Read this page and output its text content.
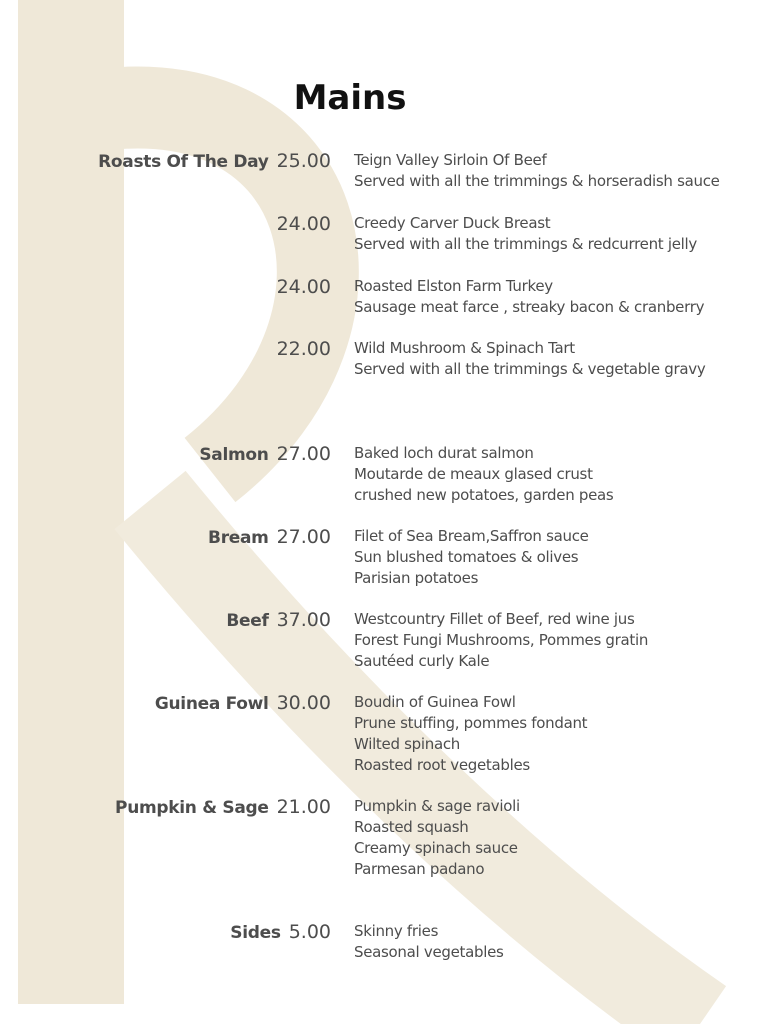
Mains
Roasts Of The Day 25.00 Teign Valley Sirloin Of Beef
Served with all the trimmings & horseradish sauce
24.00 Creedy Carver Duck Breast
Served with all the trimmings & redcurrent jelly
24.00 Roasted Elston Farm Turkey
Sausage meat farce , streaky bacon & cranberry
22.00 Wild Mushroom & Spinach Tart
Served with all the trimmings & vegetable gravy
Salmon 27.00 Baked loch durat salmon
Moutarde de meaux glased crust
crushed new potatoes, garden peas
Bream 27.00 Filet of Sea Bream,Saffron sauce
Sun blushed tomatoes & olives
Parisian potatoes
Beef 37.00 Westcountry Fillet of Beef, red wine jus
Forest Fungi Mushrooms, Pommes gratin
Sautéed curly Kale
Guinea Fowl 30.00 Boudin of Guinea Fowl
Prune stuffing, pommes fondant
Wilted spinach
Roasted root vegetables
Pumpkin & Sage 21.00 Pumpkin & sage ravioli
Roasted squash
Creamy spinach sauce
Parmesan padano
Sides 5.00 Skinny fries
Seasonal vegetables
